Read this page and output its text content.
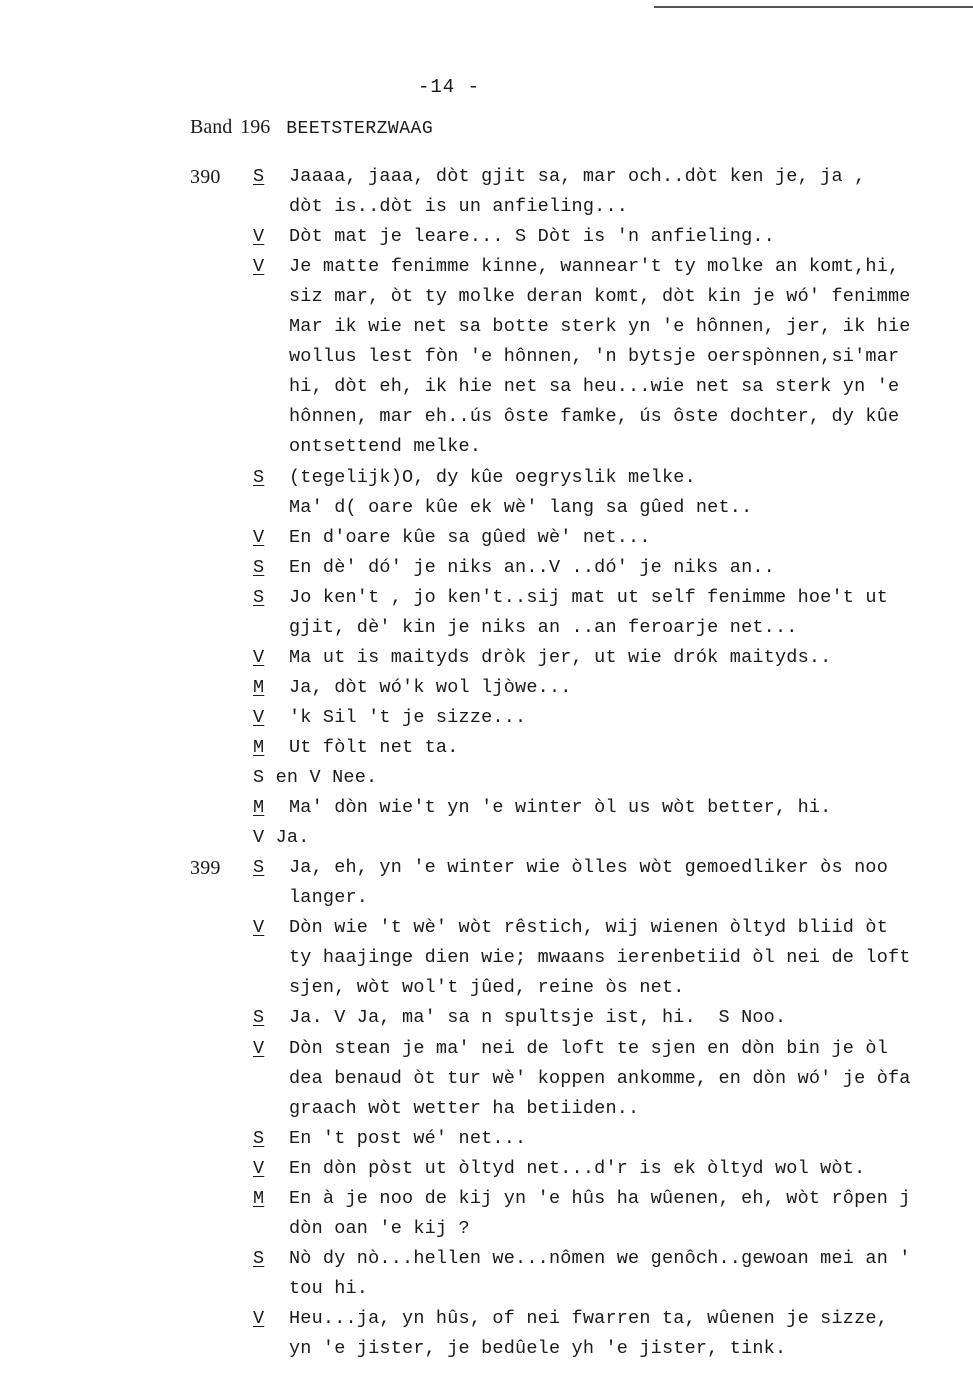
-14 -
Band 196 BEETSTERZWAAG
390 S Jaaaa, jaaa, dòt gjit sa, mar och..dòt ken je, ja ,
dòt is..dòt is un anfieling...
V Dòt mat je leare... S Dòt is 'n anfieling..
V Je matte fenimme kinne, wannear't ty molke an komt,hi,
siz mar, òt ty molke deran komt, dòt kin je wó' fenimme
Mar ik wie net sa botte sterk yn 'e hônnen, jer, ik hie
wollus lest fòn 'e hônnen, 'n bytsje oerspònnen,si'mar
hi, dòt eh, ik hie net sa heu...wie net sa sterk yn 'e
hônnen, mar eh..ús ôste famke, ús ôste dochter, dy kûe
ontsettend melke.
S (tegelijk)O, dy kûe oegryslik melke.
Ma' d( oare kûe ek wè' lang sa gûed net..
V En d'oare kûe sa gûed wè' net...
S En dè' dó' je niks an..V ..dó' je niks an..
S Jo ken't , jo ken't..sij mat ut self fenimme hoe't ut
gjit, dè' kin je niks an ..an feroarje net...
V Ma ut is maityds dròk jer, ut wie drók maityds..
M Ja, dòt wó'k wol ljòwe...
V 'k Sil 't je sizze...
M Ut fòlt net ta.
S en V Nee.
M Ma' dòn wie't yn 'e winter òl us wòt better, hi.
V Ja.
399 S Ja, eh, yn 'e winter wie òlles wòt gemoedliker òs noo
langer.
V Dòn wie 't wè' wòt rêstich, wij wienen òltyd bliid òt
ty haajinge dien wie; mwaans ierenbetiid òl nei de loft
sjen, wòt wol't jûed, reine òs net.
S Ja. V Ja, ma' sa n spultsje ist, hi.  S Noo.
V Dòn stean je ma' nei de loft te sjen en dòn bin je òl
dea benaud òt tur wè' koppen ankomme, en dòn wó' je òfa
graach wòt wetter ha betiiden..
S En 't post wé' net...
V En dòn pòst ut òltyd net...d'r is ek òltyd wol wòt.
M En à je noo de kij yn 'e hûs ha wûenen, eh, wòt rôpen j
dòn oan 'e kij ?
S Nò dy nò...hellen we...nômen we genôch..gewoan mei an '
tou hi.
V Heu...ja, yn hûs, of nei fwarren ta, wûenen je sizze,
yn 'e jister, je bedûele yh 'e jister, tink.
